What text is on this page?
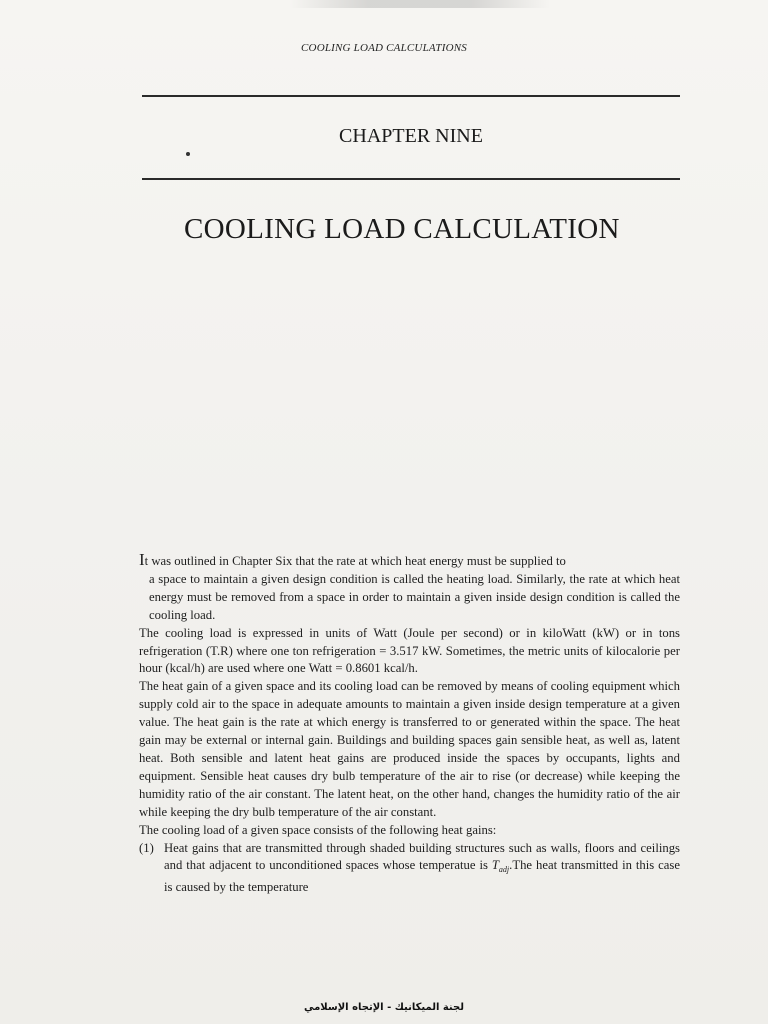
COOLING LOAD CALCULATIONS
CHAPTER NINE
COOLING LOAD CALCULATION

It was outlined in Chapter Six that the rate at which heat energy must be supplied to
a space to maintain a given design condition is called the heating load. Similarly, the rate at which heat energy must be removed from a space in order to maintain a given inside design condition is called the cooling load.

The cooling load is expressed in units of Watt (Joule per second) or in kiloWatt (kW) or in tons refrigeration (T.R) where one ton refrigeration = 3.517 kW. Sometimes, the metric units of kilocalorie per hour (kcal/h) are used where one Watt = 0.8601 kcal/h.

The heat gain of a given space and its cooling load can be removed by means of cooling equipment which supply cold air to the space in adequate amounts to maintain a given inside design temperature at a given value. The heat gain is the rate at which energy is transferred to or generated within the space. The heat gain may be external or internal gain. Buildings and building spaces gain sensible heat, as well as, latent heat. Both sensible and latent heat gains are produced inside the spaces by occupants, lights and equipment. Sensible heat causes dry bulb temperature of the air to rise (or decrease) while keeping the humidity ratio of the air constant. The latent heat, on the other hand, changes the humidity ratio of the air while keeping the dry bulb temperature of the air constant.

The cooling load of a given space consists of the following heat gains:

(1) Heat gains that are transmitted through shaded building structures such as walls, floors and ceilings and that adjacent to unconditioned spaces whose temperatue is $T_{adj}.The$ heat transmitted in this case is caused by the temperature
لجنة الميكانيك - الإتجاه الإسلامي
